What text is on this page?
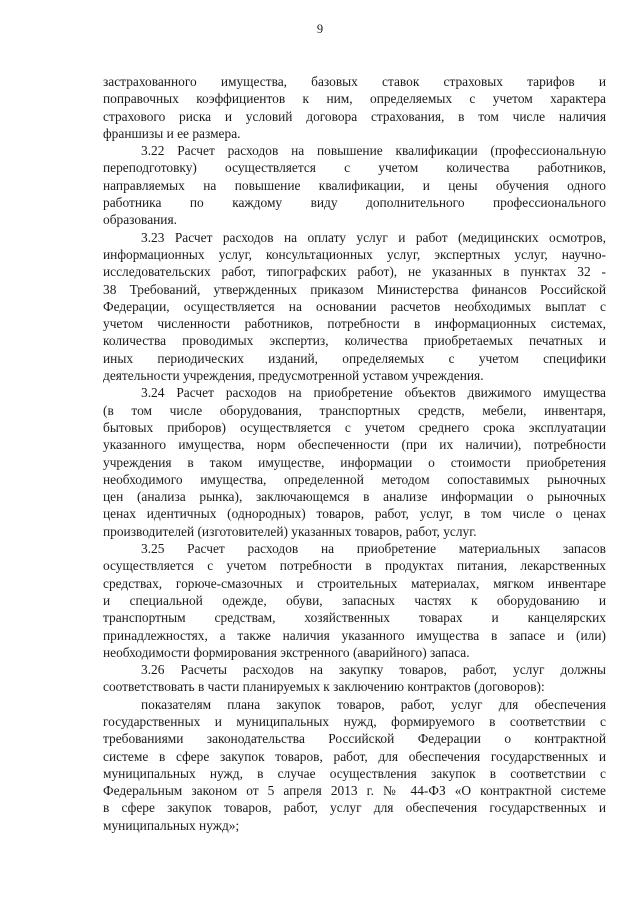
9
застрахованного имущества, базовых ставок страховых тарифов и
поправочных коэффициентов к ним, определяемых с учетом характера
страхового риска и условий договора страхования, в том числе наличия
франшизы и ее размера.
3.22 Расчет расходов на повышение квалификации (профессиональную
переподготовку) осуществляется с учетом количества работников,
направляемых на повышение квалификации, и цены обучения одного
работника по каждому виду дополнительного профессионального
образования.
3.23 Расчет расходов на оплату услуг и работ (медицинских осмотров,
информационных услуг, консультационных услуг, экспертных услуг, научно-
исследовательских работ, типографских работ), не указанных в пунктах 32 -
38 Требований, утвержденных приказом Министерства финансов Российской
Федерации, осуществляется на основании расчетов необходимых выплат с
учетом численности работников, потребности в информационных системах,
количества проводимых экспертиз, количества приобретаемых печатных и
иных периодических изданий, определяемых с учетом специфики
деятельности учреждения, предусмотренной уставом учреждения.
3.24 Расчет расходов на приобретение объектов движимого имущества
(в том числе оборудования, транспортных средств, мебели, инвентаря,
бытовых приборов) осуществляется с учетом среднего срока эксплуатации
указанного имущества, норм обеспеченности (при их наличии), потребности
учреждения в таком имуществе, информации о стоимости приобретения
необходимого имущества, определенной методом сопоставимых рыночных
цен (анализа рынка), заключающемся в анализе информации о рыночных
ценах идентичных (однородных) товаров, работ, услуг, в том числе о ценах
производителей (изготовителей) указанных товаров, работ, услуг.
3.25 Расчет расходов на приобретение материальных запасов
осуществляется с учетом потребности в продуктах питания, лекарственных
средствах, горюче-смазочных и строительных материалах, мягком инвентаре
и специальной одежде, обуви, запасных частях к оборудованию и
транспортным средствам, хозяйственных товарах и канцелярских
принадлежностях, а также наличия указанного имущества в запасе и (или)
необходимости формирования экстренного (аварийного) запаса.
3.26 Расчеты расходов на закупку товаров, работ, услуг должны
соответствовать в части планируемых к заключению контрактов (договоров):
показателям плана закупок товаров, работ, услуг для обеспечения
государственных и муниципальных нужд, формируемого в соответствии с
требованиями законодательства Российской Федерации о контрактной
системе в сфере закупок товаров, работ, для обеспечения государственных и
муниципальных нужд, в случае осуществления закупок в соответствии с
Федеральным законом от 5 апреля 2013 г. № 44-ФЗ «О контрактной системе
в сфере закупок товаров, работ, услуг для обеспечения государственных и
муниципальных нужд»;
